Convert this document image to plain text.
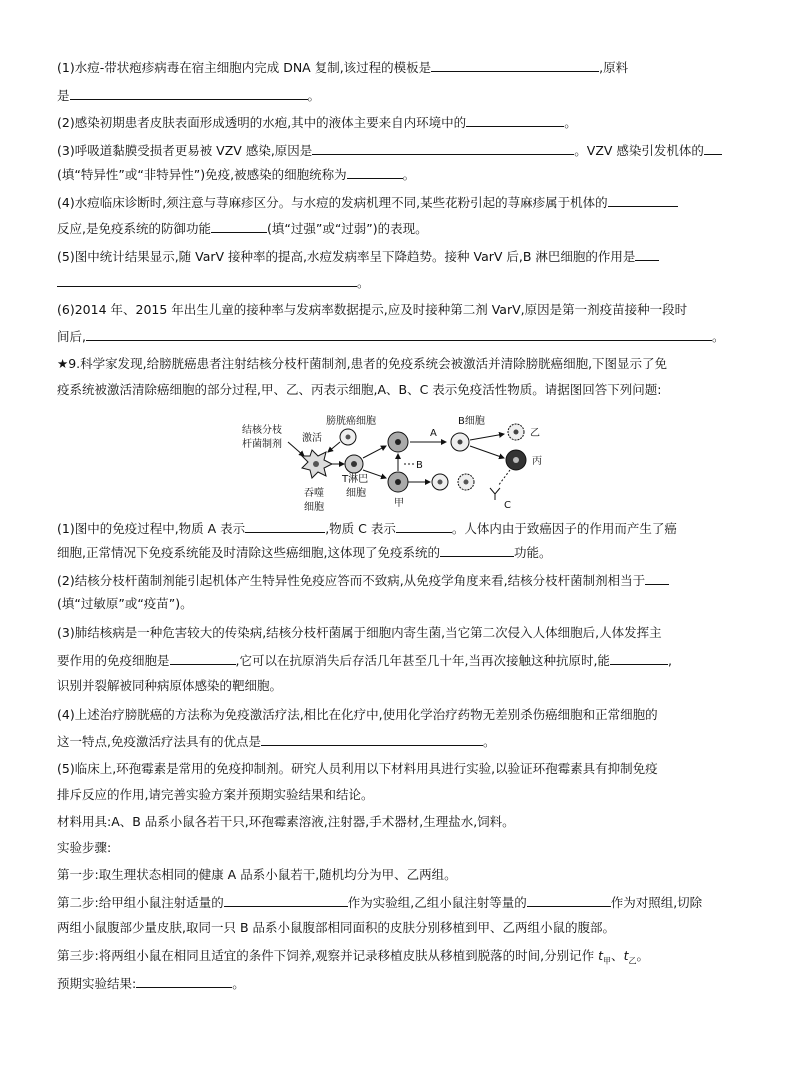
(1)水痘-带状疱疹病毒在宿主细胞内完成 DNA 复制,该过程的模板是	,原料
是	。
(2)感染初期患者皮肤表面形成透明的水疱,其中的液体主要来自内环境中的	。
(3)呼吸道黏膜受损者更易被 VZV 感染,原因是	。VZV 感染引发机体的
(填“特异性”或“非特异性”)免疫,被感染的细胞统称为	。
(4)水痘临床诊断时,须注意与荨麻疹区分。与水痘的发病机理不同,某些花粉引起的荨麻疹属于机体的
反应,是免疫系统的防御功能	(填“过强”或“过弱”)的表现。
(5)图中统计结果显示,随 VarV 接种率的提高,水痘发病率呈下降趋势。接种 VarV 后,B 淋巴细胞的作用是
。
(6)2014 年、2015 年出生儿童的接种率与发病率数据提示,应及时接种第二剂 VarV,原因是第一剂疫苗接种一段时
间后,	。
★9.科学家发现,给膀胱癌患者注射结核分枝杆菌制剂,患者的免疫系统会被激活并清除膀胱癌细胞,下图显示了免
疫系统被激活清除癌细胞的部分过程,甲、乙、丙表示细胞,A、B、C 表示免疫活性物质。请据图回答下列问题:
结核分枝
杆菌制剂
激活
膀胱癌细胞
吞噬
细胞
T淋巴
细胞
甲
B
A
B细胞
乙
丙
C
(1)图中的免疫过程中,物质 A 表示	,物质 C 表示	。人体内由于致癌因子的作用而产生了癌
细胞,正常情况下免疫系统能及时清除这些癌细胞,这体现了免疫系统的	功能。
(2)结核分枝杆菌制剂能引起机体产生特异性免疫应答而不致病,从免疫学角度来看,结核分枝杆菌制剂相当于
(填“过敏原”或“疫苗”)。
(3)肺结核病是一种危害较大的传染病,结核分枝杆菌属于细胞内寄生菌,当它第二次侵入人体细胞后,人体发挥主
要作用的免疫细胞是	,它可以在抗原消失后存活几年甚至几十年,当再次接触这种抗原时,能	,
识别并裂解被同种病原体感染的靶细胞。
(4)上述治疗膀胱癌的方法称为免疫激活疗法,相比在化疗中,使用化学治疗药物无差别杀伤癌细胞和正常细胞的
这一特点,免疫激活疗法具有的优点是	。
(5)临床上,环孢霉素是常用的免疫抑制剂。研究人员利用以下材料用具进行实验,以验证环孢霉素具有抑制免疫
排斥反应的作用,请完善实验方案并预期实验结果和结论。
材料用具:A、B 品系小鼠各若干只,环孢霉素溶液,注射器,手术器材,生理盐水,饲料。
实验步骤:
第一步:取生理状态相同的健康 A 品系小鼠若干,随机均分为甲、乙两组。
第二步:给甲组小鼠注射适量的	作为实验组,乙组小鼠注射等量的	作为对照组,切除
两组小鼠腹部少量皮肤,取同一只 B 品系小鼠腹部相同面积的皮肤分别移植到甲、乙两组小鼠的腹部。
第三步:将两组小鼠在相同且适宜的条件下饲养,观察并记录移植皮肤从移植到脱落的时间,分别记作 $t_甲$、$t_乙$。
预期实验结果:	。
